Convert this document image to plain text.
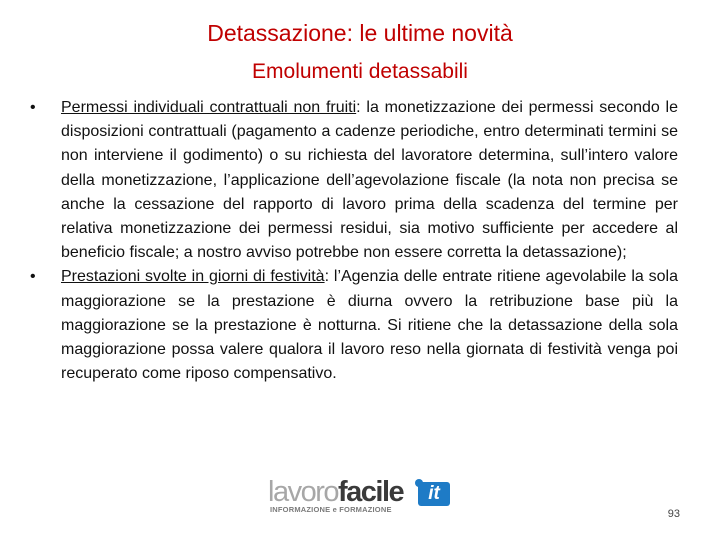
Detassazione: le ultime novità
Emolumenti detassabili
• Permessi individuali contrattuali non fruiti: la monetizzazione dei permessi secondo le disposizioni contrattuali (pagamento a cadenze periodiche, entro determinati termini se non interviene il godimento) o su richiesta del lavoratore determina, sull’intero valore della monetizzazione, l’applicazione dell’agevolazione fiscale (la nota non precisa se anche la cessazione del rapporto di lavoro prima della scadenza del termine per relativa monetizzazione dei permessi residui, sia motivo sufficiente per accedere al beneficio fiscale; a nostro avviso potrebbe non essere corretta la detassazione);
• Prestazioni svolte in giorni di festività: l’Agenzia delle entrate ritiene agevolabile la sola maggiorazione se la prestazione è diurna ovvero la retribuzione base più la maggiorazione se la prestazione è notturna. Si ritiene che la detassazione della sola maggiorazione possa valere qualora il lavoro reso nella giornata di festività venga poi recuperato come riposo compensativo.
lavorofacile	it
INFORMAZIONE e FORMAZIONE	93
